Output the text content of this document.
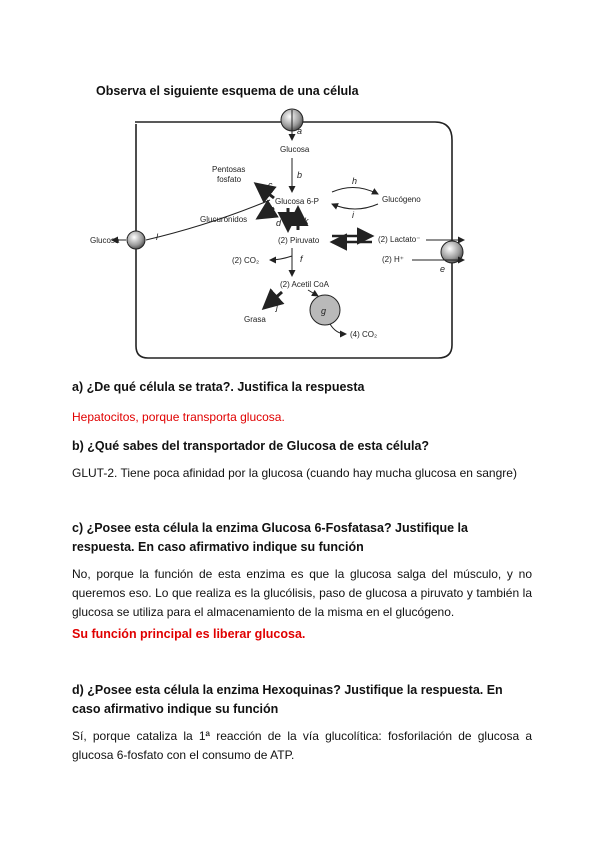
Observa el siguiente esquema de una célula
a
Glucosa
b
Glucosa 6-P
Pentosas
fosfato
c
Glucurónidos m
h
i
Glucógeno
d	k
(2) Piruvato
Glucosa	l	(2) Lactato⁻
(2) H⁺
e
f
(2) CO₂
(2) Acetil CoA
j
Grasa
g
(4) CO₂
a) ¿De qué célula se trata?. Justifica la respuesta
Hepatocitos, porque transporta glucosa.
b) ¿Qué sabes del transportador de Glucosa de esta célula?
GLUT-2. Tiene poca afinidad por la glucosa (cuando hay mucha glucosa en sangre)
c) ¿Posee esta célula la enzima Glucosa 6-Fosfatasa? Justifique la respuesta. En caso afirmativo indique su función
No, porque la función de esta enzima es que la glucosa salga del músculo, y no queremos eso. Lo que realiza es la glucólisis, paso de glucosa a piruvato y también la glucosa se utiliza para el almacenamiento de la misma en el glucógeno.
Su función principal es liberar glucosa.
d) ¿Posee esta célula la enzima Hexoquinas? Justifique la respuesta. En caso afirmativo indique su función
Sí, porque cataliza la 1ª reacción de la vía glucolítica: fosforilación de glucosa a glucosa 6-fosfato con el consumo de ATP.
